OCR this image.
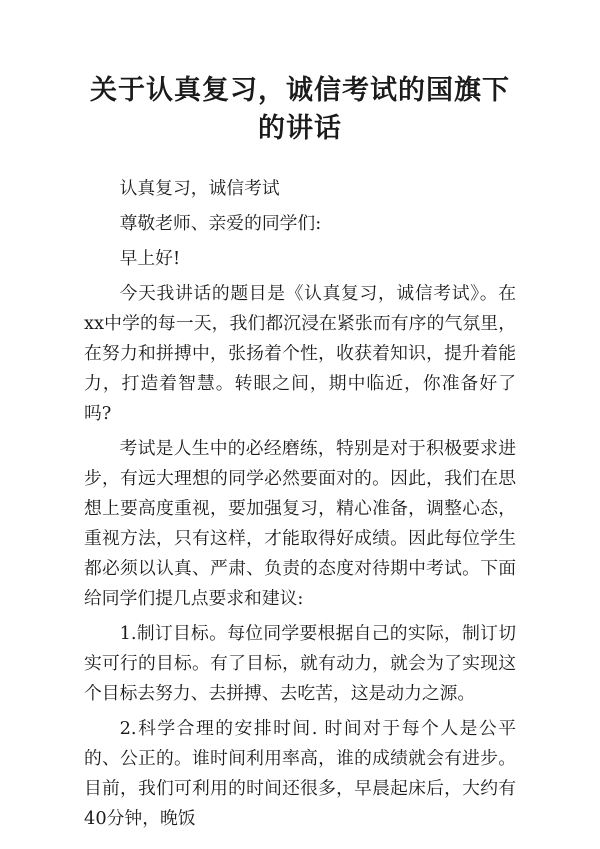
关于认真复习，诚信考试的国旗下的讲话

认真复习，诚信考试

尊敬老师、亲爱的同学们:

早上好!

今天我讲话的题目是《认真复习，诚信考试》。在xx中学的每一天，我们都沉浸在紧张而有序的气氛里，在努力和拼搏中，张扬着个性，收获着知识，提升着能力，打造着智慧。转眼之间，期中临近，你准备好了吗?

考试是人生中的必经磨练，特别是对于积极要求进步，有远大理想的同学必然要面对的。因此，我们在思想上要高度重视，要加强复习，精心准备，调整心态，重视方法，只有这样，才能取得好成绩。因此每位学生都必须以认真、严肃、负责的态度对待期中考试。下面给同学们提几点要求和建议:

1.制订目标。每位同学要根据自己的实际，制订切实可行的目标。有了目标，就有动力，就会为了实现这个目标去努力、去拼搏、去吃苦，这是动力之源。

2.科学合理的安排时间. 时间对于每个人是公平的、公正的。谁时间利用率高，谁的成绩就会有进步。目前，我们可利用的时间还很多，早晨起床后，大约有40分钟，晚饭
